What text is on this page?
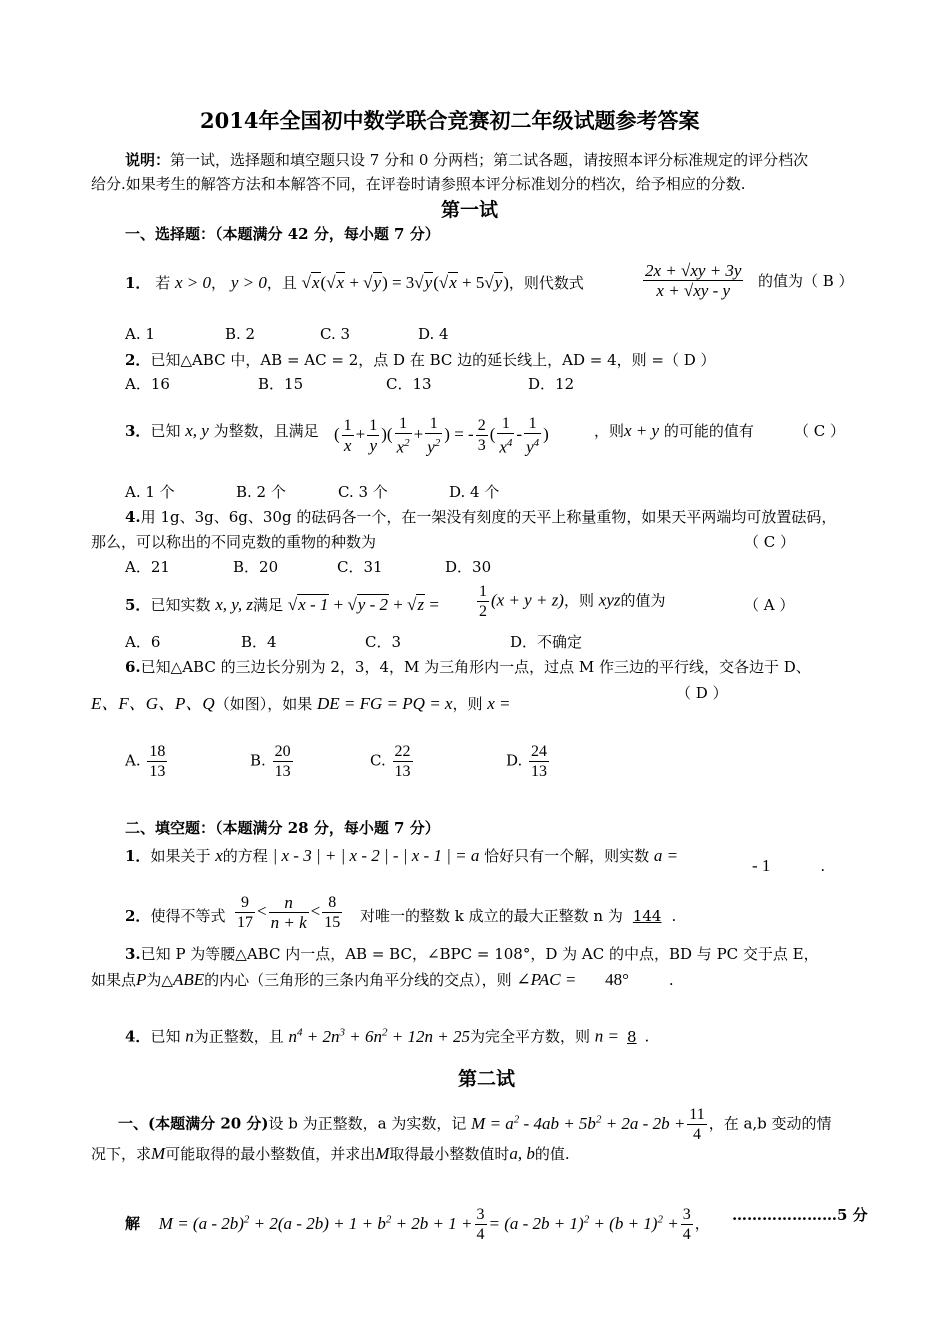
2014年全国初中数学联合竞赛初二年级试题参考答案
说明：第一试，选择题和填空题只设 7 分和 0 分两档；第二试各题，请按照本评分标准规定的评分档次
给分.如果考生的解答方法和本解答不同，在评卷时请参照本评分标准划分的档次，给予相应的分数.
第一试
一、选择题：（本题满分 42 分，每小题 7 分）
1． 若 x > 0， y > 0，且 √x(√x + √y) = 3√y(√x + 5√y)，则代数式	$\frac{2x + √xy + 3y}{x + √xy - y}$ 的值为（ B ）
A. 1	B. 2	C. 3	D. 4
2．已知△ABC 中，AB = AC = 2，点 D 在 BC 边的延长线上，AD = 4，则 =（ D ）
A．16	B．15	C．13	D．12
3．已知 x, y 为整数，且满足 ( $\frac{1}{x} + \frac{1}{y}$ )( $\frac{1}{x^2} + \frac{1}{y^2}$ ) = - $\frac{2}{3}$ ( $\frac{1}{x^4} - \frac{1}{y^4}$ )	，则x + y 的可能的值有	（ C ）
A. 1 个	B. 2 个	C. 3 个	D. 4 个
4.用 1g、3g、6g、30g 的砝码各一个，在一架没有刻度的天平上称量重物，如果天平两端均可放置砝码，
那么，可以称出的不同克数的重物的种数为	（ C ）
A．21	B．20	C．31	D．30
5．已知实数 x, y, z满足 $√x - 1 + √y - 2 + √z = \frac{1}{2} (x + y + z)$，则 xyz的值为	（ A ）
A．6	B．4	C．3	D．不确定
6.已知△ABC 的三边长分别为 2，3，4，M 为三角形内一点，过点 M 作三边的平行线，交各边于 D、
E、F、G、P、Q（如图），如果 DE = FG = PQ = x，则 x =
（ D ）
A. $\frac{18}{13}$	B. $\frac{20}{13}$	C. $\frac{22}{13}$	D. $\frac{24}{13}$
二、填空题：（本题满分 28 分，每小题 7 分）
1．如果关于 x的方程 | x - 3 | + | x - 2 | - | x - 1 | = a 恰好只有一个解，则实数 a =
- 1	.
2．使得不等式 $\frac{9}{17} < \frac{n}{n + k} < \frac{8}{15}$ 对唯一的整数 k 成立的最大正整数 n 为 144 .
3.已知 P 为等腰△ABC 内一点，AB = BC，∠BPC = 108°，D 为 AC 的中点，BD 与 PC 交于点 E，
如果点P为△ABE的内心（三角形的三条内角平分线的交点），则 ∠PAC = 48°	.
4．已知 n为正整数，且 $n^4 + 2n^3 + 6n^2 + 12n + 25$为完全平方数，则 n = 8 .
第二试
一、(本题满分 20 分)设 b 为正整数，a 为实数，记 $M = a^2 - 4ab + 5b^2 + 2a - 2b + \frac{11}{4}$ ，在 a,b 变动的情
况下，求M可能取得的最小整数值，并求出M取得最小整数值时a, b的值.
解 $M = (a - 2b)^2 + 2(a - 2b) + 1 + b^2 + 2b + 1 + \frac{3}{4} = (a - 2b + 1)^2 + (b + 1)^2 + \frac{3}{4}$ ， …………………5 分
